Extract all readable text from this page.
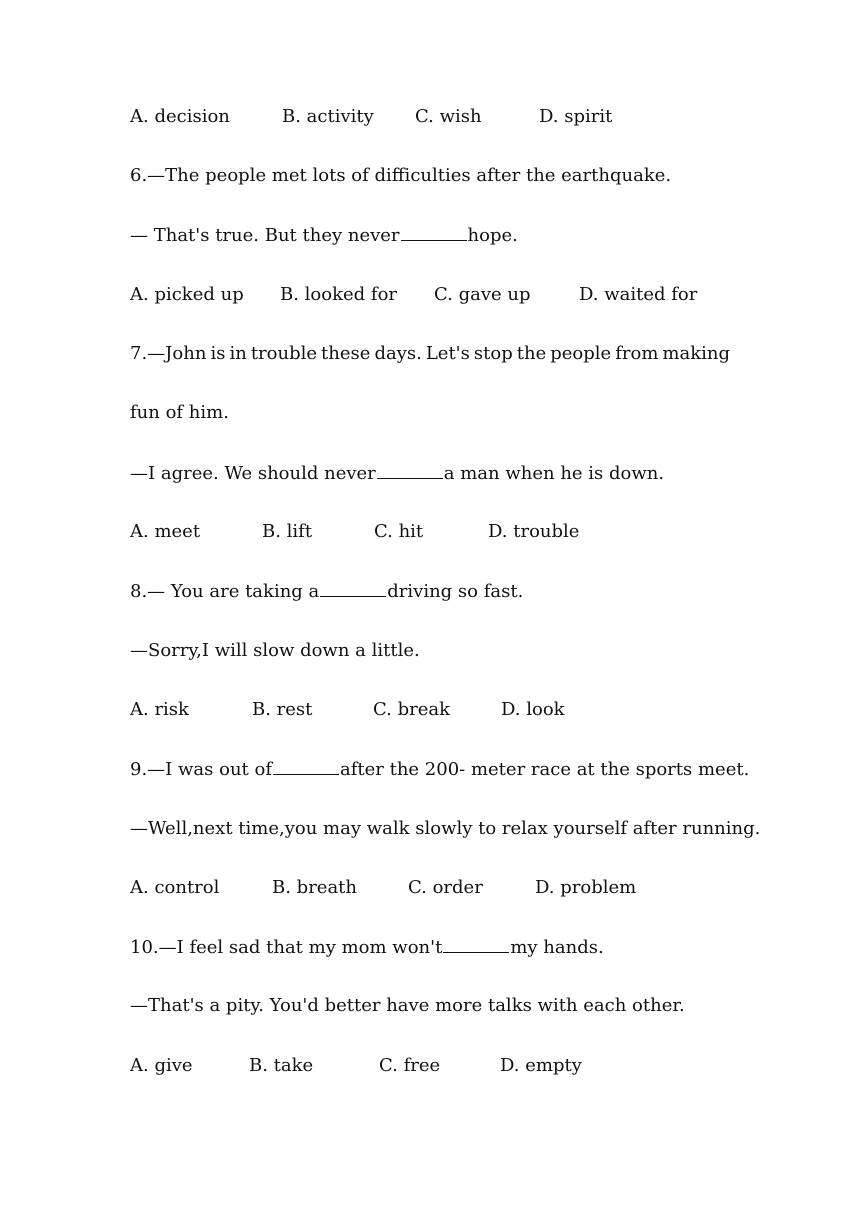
A. decision	B. activity C. wish	D. spirit
6.—The people met lots of difficulties after the earthquake.
— That's true. But they never	hope.
A. picked up B. looked for C. gave up	D. waited for
7.—John is in trouble these days. Let's stop the people from making
fun of him.
—I agree. We should never	a man when he is down.
A. meet	B. lift	C. hit	D. trouble
8.— You are taking a	driving so fast.
—Sorry,I will slow down a little.
A. risk	B. rest	C. break	D. look
9.—I was out of	after the 200- meter race at the sports meet.
—Well,next time,you may walk slowly to relax yourself after running.
A. control	B. breath	C. order	D. problem
10.—I feel sad that my mom won't	my hands.
—That's a pity. You'd better have more talks with each other.
A. give	B. take	C. free	D. empty
